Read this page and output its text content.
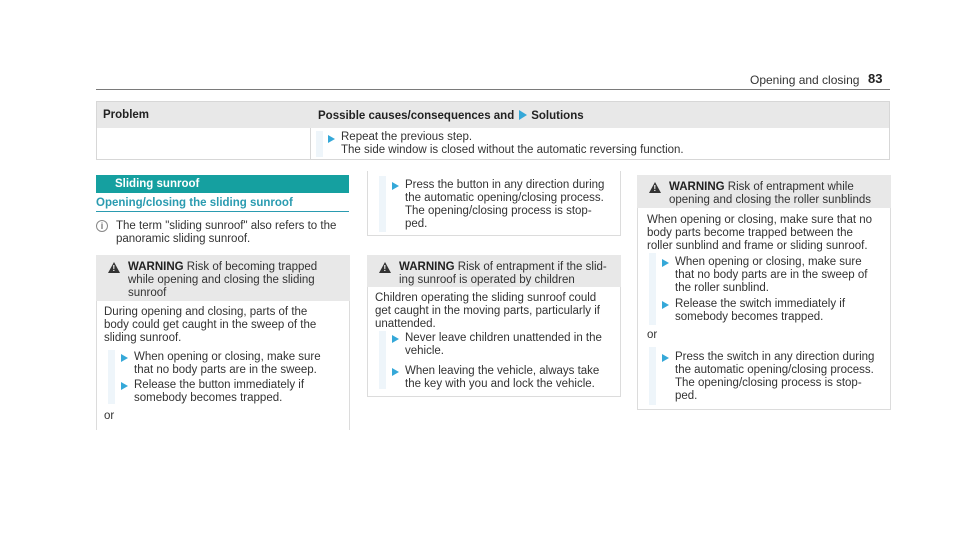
Opening and closing 83
Problem	Possible causes/consequences and Solutions
Repeat the previous step.
The side window is closed without the automatic reversing function.
Sliding sunroof
Opening/closing the sliding sunroof
i	The term "sliding sunroof" also refers to the
panoramic sliding sunroof.
! WARNING Risk of becoming trapped
while opening and closing the sliding
sunroof
During opening and closing, parts of the
body could get caught in the sweep of the
sliding sunroof.
When opening or closing, make sure
that no body parts are in the sweep.
Release the button immediately if
somebody becomes trapped.
or
Press the button in any direction during
the automatic opening/closing process.
The opening/closing process is stop-
ped.
! WARNING Risk of entrapment if the slid-
ing sunroof is operated by children
Children operating the sliding sunroof could
get caught in the moving parts, particularly if
unattended.
Never leave children unattended in the
vehicle.
When leaving the vehicle, always take
the key with you and lock the vehicle.
! WARNING Risk of entrapment while
opening and closing the roller sunblinds
When opening or closing, make sure that no
body parts become trapped between the
roller sunblind and frame or sliding sunroof.
When opening or closing, make sure
that no body parts are in the sweep of
the roller sunblind.
Release the switch immediately if
somebody becomes trapped.
or
Press the switch in any direction during
the automatic opening/closing process.
The opening/closing process is stop-
ped.
